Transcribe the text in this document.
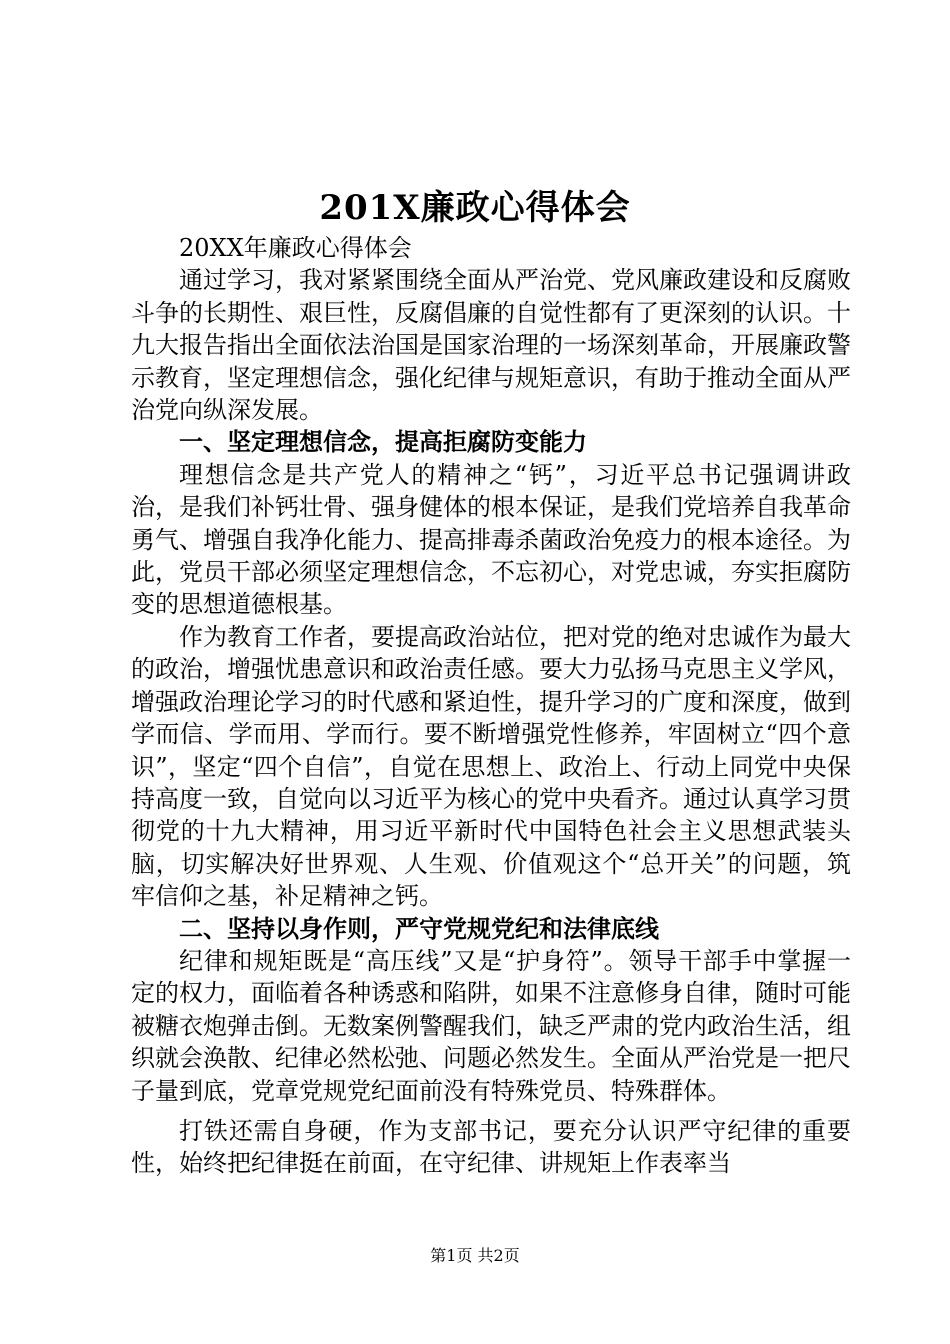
201X廉政心得体会

20XX年廉政心得体会

通过学习，我对紧紧围绕全面从严治党、党风廉政建设和反腐败斗争的长期性、艰巨性，反腐倡廉的自觉性都有了更深刻的认识。十九大报告指出全面依法治国是国家治理的一场深刻革命，开展廉政警示教育，坚定理想信念，强化纪律与规矩意识，有助于推动全面从严治党向纵深发展。

一、坚定理想信念，提高拒腐防变能力

理想信念是共产党人的精神之“钙”，习近平总书记强调讲政治，是我们补钙壮骨、强身健体的根本保证，是我们党培养自我革命勇气、增强自我净化能力、提高排毒杀菌政治免疫力的根本途径。为此，党员干部必须坚定理想信念，不忘初心，对党忠诚，夯实拒腐防变的思想道德根基。

作为教育工作者，要提高政治站位，把对党的绝对忠诚作为最大的政治，增强忧患意识和政治责任感。要大力弘扬马克思主义学风，增强政治理论学习的时代感和紧迫性，提升学习的广度和深度，做到学而信、学而用、学而行。要不断增强党性修养，牢固树立“四个意识”，坚定“四个自信”，自觉在思想上、政治上、行动上同党中央保持高度一致，自觉向以习近平为核心的党中央看齐。通过认真学习贯彻党的十九大精神，用习近平新时代中国特色社会主义思想武装头脑，切实解决好世界观、人生观、价值观这个“总开关”的问题，筑牢信仰之基，补足精神之钙。

二、坚持以身作则，严守党规党纪和法律底线

纪律和规矩既是“高压线”又是“护身符”。领导干部手中掌握一定的权力，面临着各种诱惑和陷阱，如果不注意修身自律，随时可能被糖衣炮弹击倒。无数案例警醒我们，缺乏严肃的党内政治生活，组织就会涣散、纪律必然松弛、问题必然发生。全面从严治党是一把尺子量到底，党章党规党纪面前没有特殊党员、特殊群体。

打铁还需自身硬，作为支部书记，要充分认识严守纪律的重要性，始终把纪律挺在前面，在守纪律、讲规矩上作表率当

第1页 共2页
